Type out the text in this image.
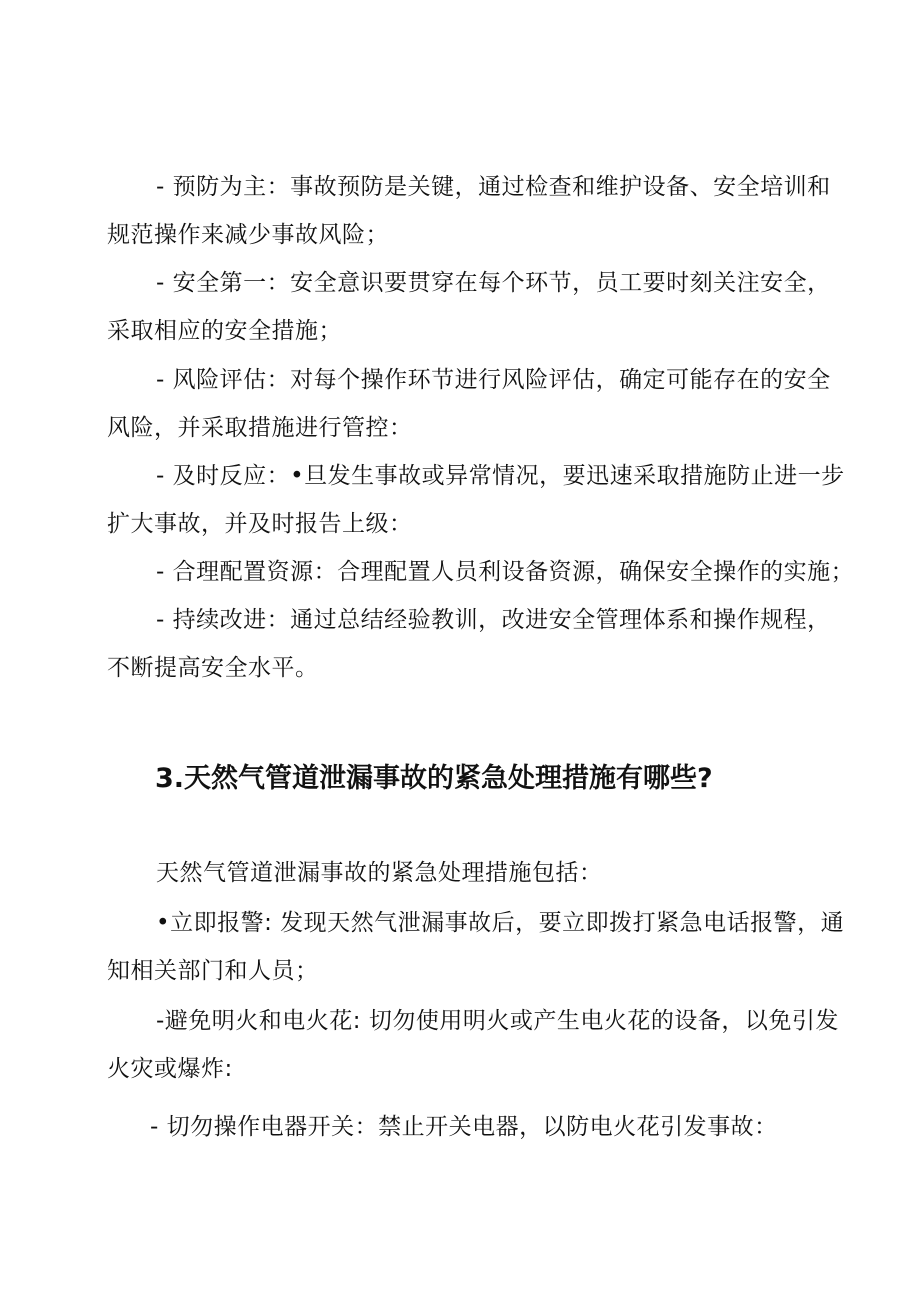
- 预防为主：事故预防是关键，通过检查和维护设备、安全培训和
规范操作来减少事故风险；
- 安全第一：安全意识要贯穿在每个环节，员工要时刻关注安全，
采取相应的安全措施；
- 风险评估：对每个操作环节进行风险评估，确定可能存在的安全
风险，并采取措施进行管控：
- 及时反应：•旦发生事故或异常情况，要迅速采取措施防止进一步
扩大事故，并及时报告上级：
- 合理配置资源：合理配置人员利设备资源，确保安全操作的实施；
- 持续改进：通过总结经验教训，改进安全管理体系和操作规程，
不断提高安全水平。
3.天然气管道泄漏事故的紧急处理措施有哪些?
天然气管道泄漏事故的紧急处理措施包括：
•立即报警: 发现天然气泄漏事故后，要立即拨打紧急电话报警，通
知相关部门和人员；
-避免明火和电火花: 切勿使用明火或产生电火花的设备，以免引发
火灾或爆炸:
- 切勿操作电器开关：禁止开关电器，以防电火花引发事故：
